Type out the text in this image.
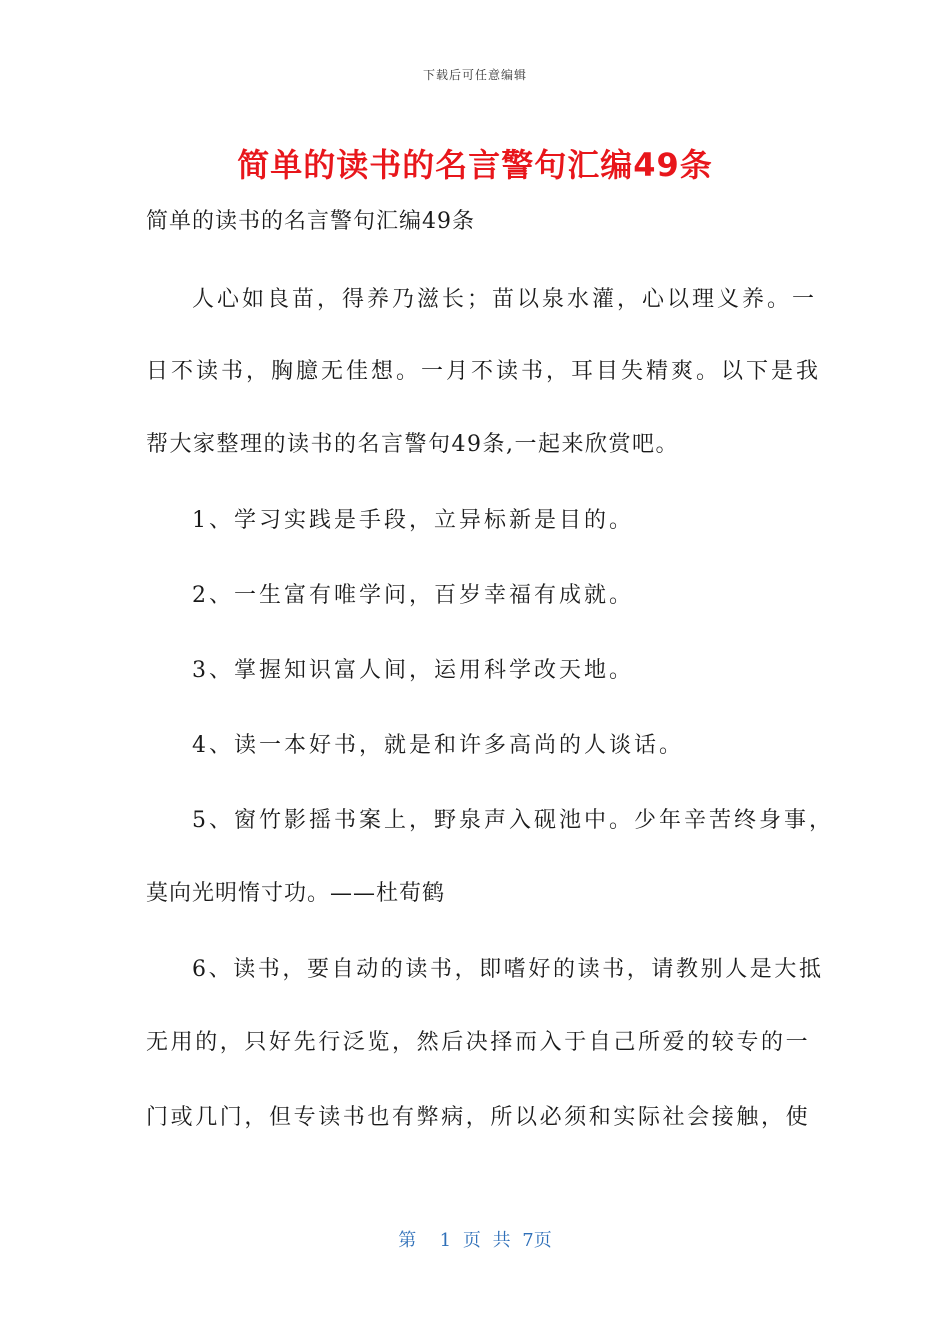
下载后可任意编辑
简单的读书的名言警句汇编49条
简单的读书的名言警句汇编49条
人心如良苗，得养乃滋长；苗以泉水灌，心以理义养。一
日不读书，胸臆无佳想。一月不读书，耳目失精爽。以下是我
帮大家整理的读书的名言警句49条,一起来欣赏吧。
1、学习实践是手段，立异标新是目的。
2、一生富有唯学问，百岁幸福有成就。
3、掌握知识富人间，运用科学改天地。
4、读一本好书，就是和许多高尚的人谈话。
5、窗竹影摇书案上，野泉声入砚池中。少年辛苦终身事，
莫向光明惰寸功。——杜荀鹤
6、读书，要自动的读书，即嗜好的读书，请教别人是大抵
无用的，只好先行泛览，然后决择而入于自己所爱的较专的一
门或几门，但专读书也有弊病，所以必须和实际社会接触，使
第  1 页 共 7页
